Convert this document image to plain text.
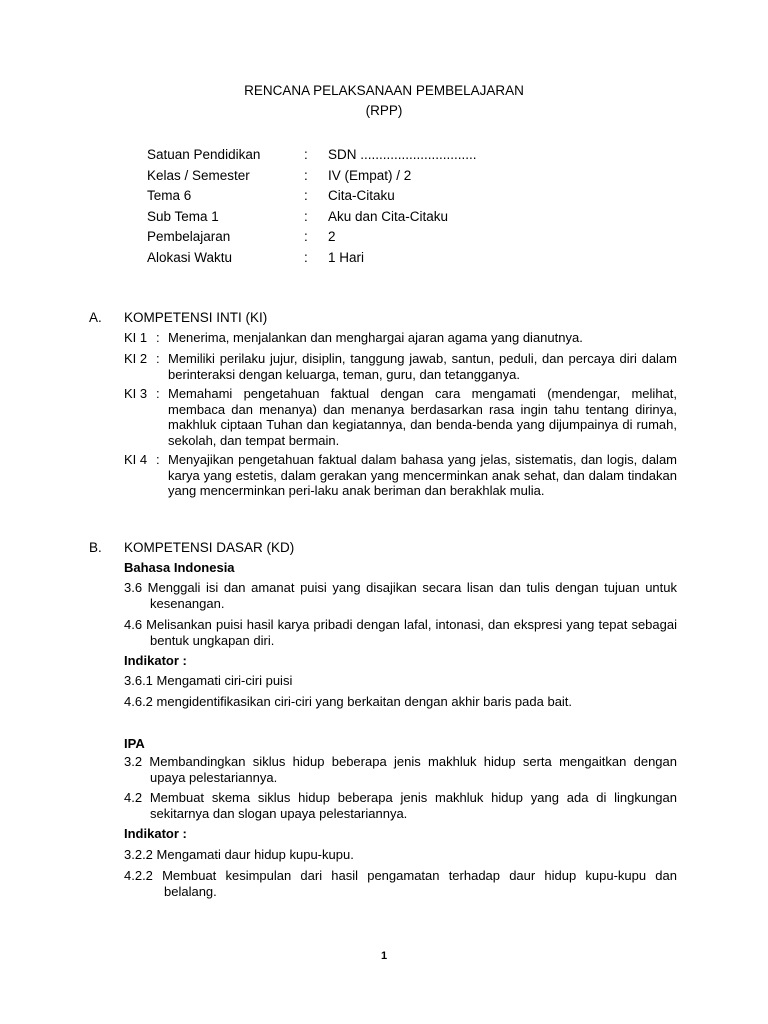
RENCANA PELAKSANAAN PEMBELAJARAN
(RPP)
Satuan Pendidikan	: SDN ...............................
Kelas / Semester	: IV (Empat) / 2
Tema 6	: Cita-Citaku
Sub Tema 1	: Aku dan Cita-Citaku
Pembelajaran	: 2
Alokasi Waktu	: 1 Hari
A. KOMPETENSI INTI (KI)
KI 1 : Menerima, menjalankan dan menghargai ajaran agama yang dianutnya.
KI 2 : Memiliki perilaku jujur, disiplin, tanggung jawab, santun, peduli, dan percaya diri dalam berinteraksi dengan keluarga, teman, guru, dan tetangganya.
KI 3 : Memahami pengetahuan faktual dengan cara mengamati (mendengar, melihat, membaca dan menanya) dan menanya berdasarkan rasa ingin tahu tentang dirinya, makhluk ciptaan Tuhan dan kegiatannya, dan benda-benda yang dijumpainya di rumah, sekolah, dan tempat bermain.
KI 4 : Menyajikan pengetahuan faktual dalam bahasa yang jelas, sistematis, dan logis, dalam karya yang estetis, dalam gerakan yang mencerminkan anak sehat, dan dalam tindakan yang mencerminkan peri-laku anak beriman dan berakhlak mulia.
B. KOMPETENSI DASAR (KD)
Bahasa Indonesia
3.6 Menggali isi dan amanat puisi yang disajikan secara lisan dan tulis dengan tujuan untuk kesenangan.
4.6 Melisankan puisi hasil karya pribadi dengan lafal, intonasi, dan ekspresi yang tepat sebagai bentuk ungkapan diri.
Indikator :
3.6.1 Mengamati ciri-ciri puisi
4.6.2 mengidentifikasikan ciri-ciri yang berkaitan dengan akhir baris pada bait.
IPA
3.2 Membandingkan siklus hidup beberapa jenis makhluk hidup serta mengaitkan dengan upaya pelestariannya.
4.2 Membuat skema siklus hidup beberapa jenis makhluk hidup yang ada di lingkungan sekitarnya dan slogan upaya pelestariannya.
Indikator :
3.2.2 Mengamati daur hidup kupu-kupu.
4.2.2 Membuat kesimpulan dari hasil pengamatan terhadap daur hidup kupu-kupu dan belalang.
1
